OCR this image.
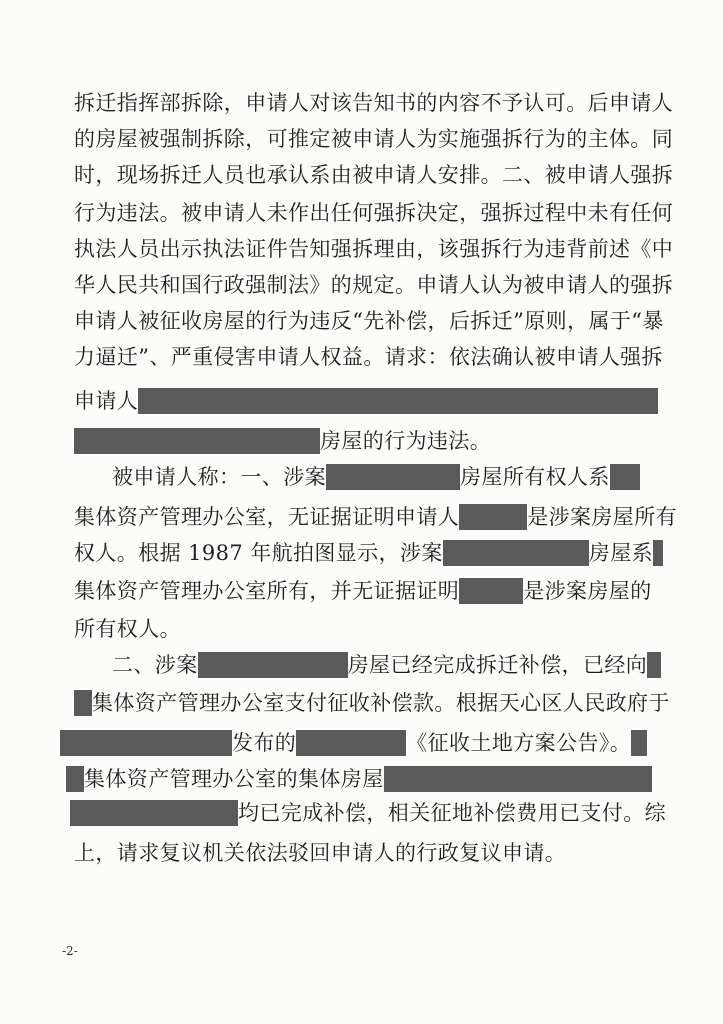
拆迁指挥部拆除，申请人对该告知书的内容不予认可。后申请人
的房屋被强制拆除，可推定被申请人为实施强拆行为的主体。同
时，现场拆迁人员也承认系由被申请人安排。二、被申请人强拆
行为违法。被申请人未作出任何强拆决定，强拆过程中未有任何
执法人员出示执法证件告知强拆理由，该强拆行为违背前述《中
华人民共和国行政强制法》的规定。申请人认为被申请人的强拆
申请人被征收房屋的行为违反“先补偿，后拆迁”原则，属于“暴
力逼迁”、严重侵害申请人权益。请求：依法确认被申请人强拆
申请人
房屋的行为违法。
被申请人称：一、涉案	房屋所有权人系
集体资产管理办公室，无证据证明申请人	是涉案房屋所有
权人。根据 1987 年航拍图显示，涉案	房屋系
集体资产管理办公室所有，并无证据证明	是涉案房屋的
所有权人。
二、涉案	房屋已经完成拆迁补偿，已经向
集体资产管理办公室支付征收补偿款。根据天心区人民政府于
发布的	《征收土地方案公告》。
集体资产管理办公室的集体房屋
均已完成补偿，相关征地补偿费用已支付。综
上，请求复议机关依法驳回申请人的行政复议申请。
-2-
